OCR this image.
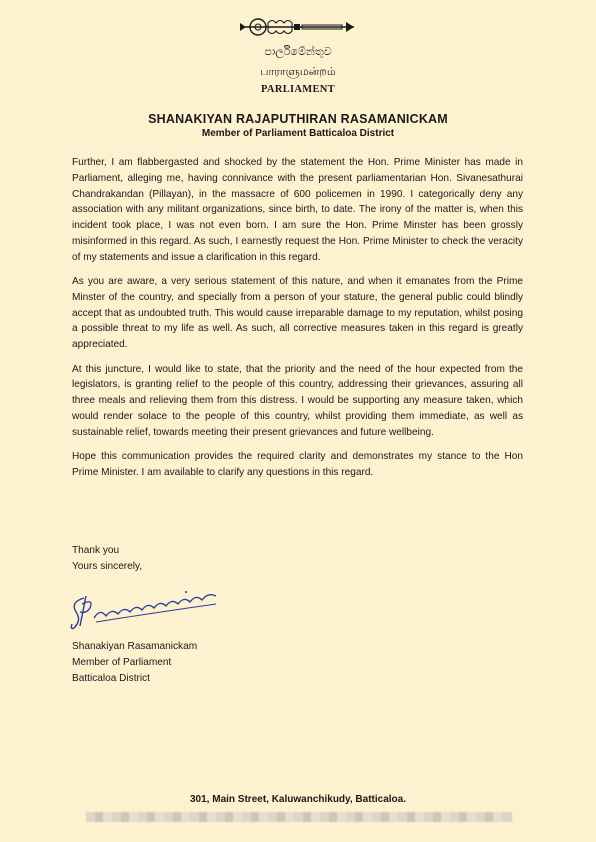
පාර්ලිමේන්තුව
பாராளுமன்றம்
PARLIAMENT
SHANAKIYAN RAJAPUTHIRAN RASAMANICKAM
Member of Parliament Batticaloa District

Further, I am flabbergasted and shocked by the statement the Hon. Prime Minister has made in Parliament, alleging me, having connivance with the present parliamentarian Hon. Sivanesathurai Chandrakandan (Pillayan), in the massacre of 600 policemen in 1990. I categorically deny any association with any militant organizations, since birth, to date. The irony of the matter is, when this incident took place, I was not even born. I am sure the Hon. Prime Minster has been grossly misinformed in this regard. As such, I earnestly request the Hon. Prime Minister to check the veracity of my statements and issue a clarification in this regard.

As you are aware, a very serious statement of this nature, and when it emanates from the Prime Minster of the country, and specially from a person of your stature, the general public could blindly accept that as undoubted truth. This would cause irreparable damage to my reputation, whilst posing a possible threat to my life as well. As such, all corrective measures taken in this regard is greatly appreciated.

At this juncture, I would like to state, that the priority and the need of the hour expected from the legislators, is granting relief to the people of this country, addressing their grievances, assuring all three meals and relieving them from this distress. I would be supporting any measure taken, which would render solace to the people of this country, whilst providing them immediate, as well as sustainable relief, towards meeting their present grievances and future wellbeing.

Hope this communication provides the required clarity and demonstrates my stance to the Hon Prime Minister. I am available to clarify any questions in this regard.

Thank you
Yours sincerely,
Shanakiyan Rasamanickam
Member of Parliament
Batticaloa District
301, Main Street, Kaluwanchikudy, Batticaloa.
